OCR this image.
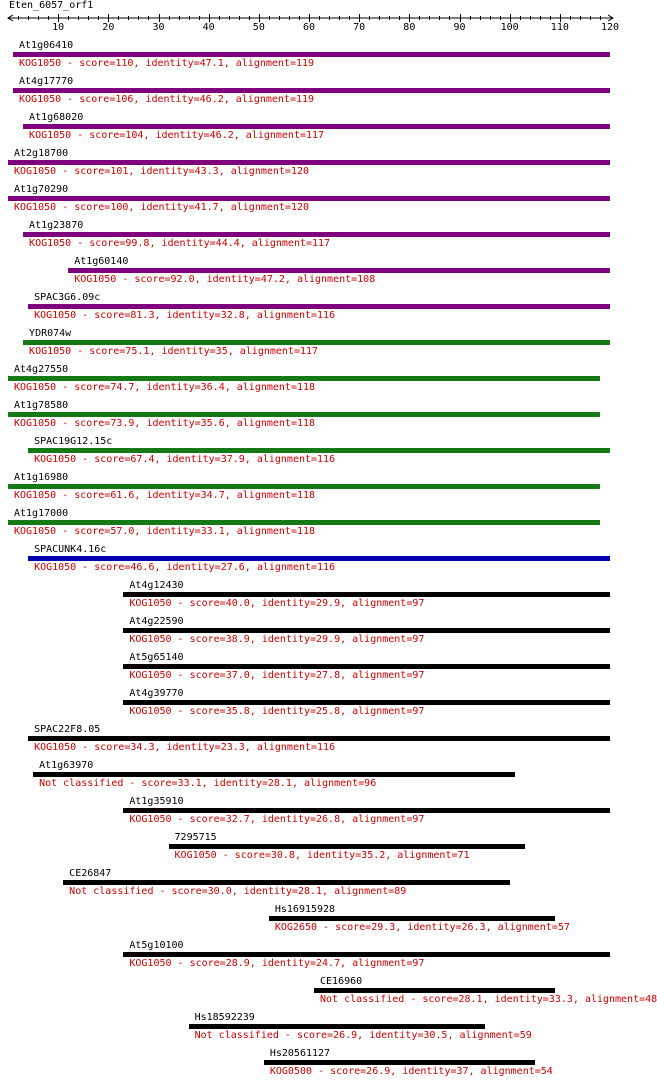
Eten_6057_orf1
10	20	30	40	50	60	70	80	90	100	110	120
At1g06410
KOG1050 - score=110, identity=47.1, alignment=119
At4g17770
KOG1050 - score=106, identity=46.2, alignment=119
At1g68020
KOG1050 - score=104, identity=46.2, alignment=117
At2g18700
KOG1050 - score=101, identity=43.3, alignment=120
At1g70290
KOG1050 - score=100, identity=41.7, alignment=120
At1g23870
KOG1050 - score=99.8, identity=44.4, alignment=117
At1g60140
KOG1050 - score=92.0, identity=47.2, alignment=108
SPAC3G6.09c
KOG1050 - score=81.3, identity=32.8, alignment=116
YDR074w
KOG1050 - score=75.1, identity=35, alignment=117
At4g27550
KOG1050 - score=74.7, identity=36.4, alignment=118
At1g78580
KOG1050 - score=73.9, identity=35.6, alignment=118
SPAC19G12.15c
KOG1050 - score=67.4, identity=37.9, alignment=116
At1g16980
KOG1050 - score=61.6, identity=34.7, alignment=118
At1g17000
KOG1050 - score=57.0, identity=33.1, alignment=118
SPACUNK4.16c
KOG1050 - score=46.6, identity=27.6, alignment=116
At4g12430
KOG1050 - score=40.0, identity=29.9, alignment=97
At4g22590
KOG1050 - score=38.9, identity=29.9, alignment=97
At5g65140
KOG1050 - score=37.0, identity=27.8, alignment=97
At4g39770
KOG1050 - score=35.8, identity=25.8, alignment=97
SPAC22F8.05
KOG1050 - score=34.3, identity=23.3, alignment=116
At1g63970
Not classified - score=33.1, identity=28.1, alignment=96
At1g35910
KOG1050 - score=32.7, identity=26.8, alignment=97
7295715
KOG1050 - score=30.8, identity=35.2, alignment=71
CE26847
Not classified - score=30.0, identity=28.1, alignment=89
Hs16915928
KOG2650 - score=29.3, identity=26.3, alignment=57
At5g10100
KOG1050 - score=28.9, identity=24.7, alignment=97
CE16960
Not classified - score=28.1, identity=33.3, alignment=48
Hs18592239
Not classified - score=26.9, identity=30.5, alignment=59
Hs20561127
KOG0500 - score=26.9, identity=37, alignment=54
